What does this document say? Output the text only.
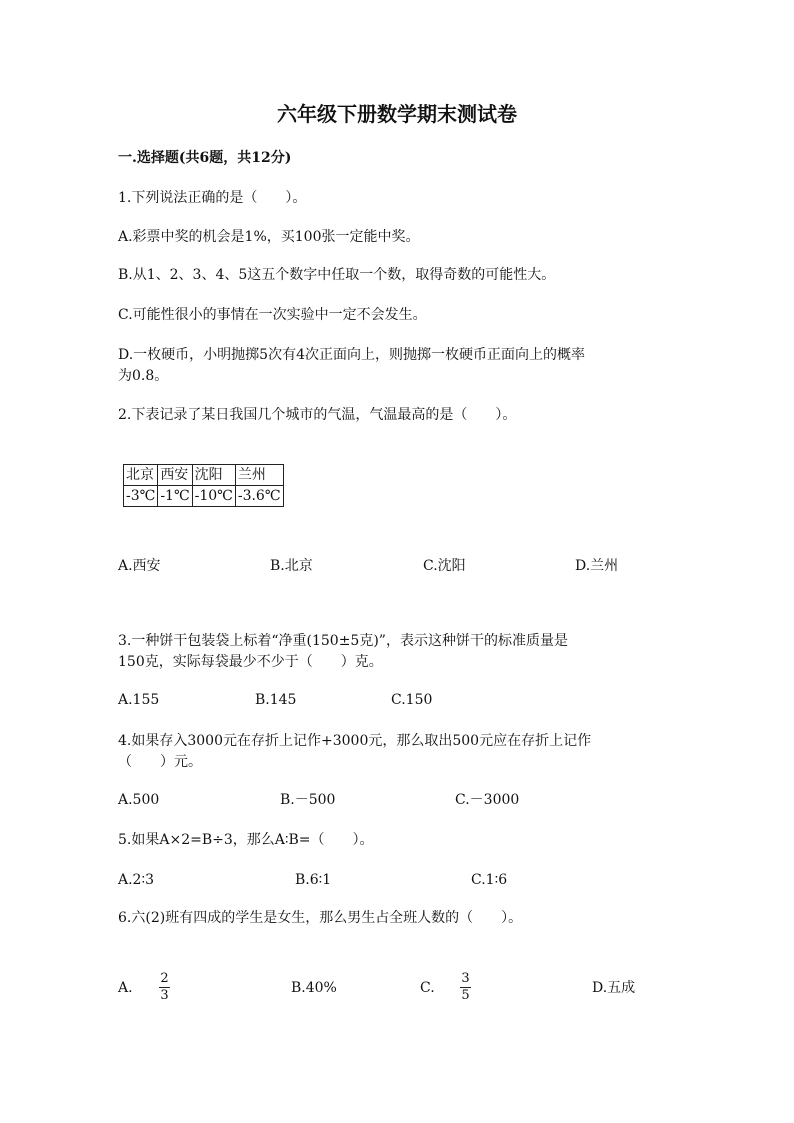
六年级下册数学期末测试卷
一.选择题(共6题，共12分)
1.下列说法正确的是（　　）。
A.彩票中奖的机会是1%，买100张一定能中奖。
B.从1、2、3、4、5这五个数字中任取一个数，取得奇数的可能性大。
C.可能性很小的事情在一次实验中一定不会发生。
D.一枚硬币，小明抛掷5次有4次正面向上，则抛掷一枚硬币正面向上的概率
为0.8。
2.下表记录了某日我国几个城市的气温，气温最高的是（　　）。
北京	西安	沈阳	兰州
-3℃	-1℃	-10℃	-3.6℃
A.西安	B.北京	C.沈阳	D.兰州
3.一种饼干包装袋上标着“净重(150±5克)”，表示这种饼干的标准质量是
150克，实际每袋最少不少于（　　）克。
A.155	B.145	C.150
4.如果存入3000元在存折上记作+3000元，那么取出500元应在存折上记作
（　　）元。
A.500	B.－500	C.－3000
5.如果A×2=B÷3，那么A∶B=（　　）。
A.2∶3	B.6∶1	C.1∶6
6.六(2)班有四成的学生是女生，那么男生占全班人数的（　　）。
A.
2
3	B.40%	C.
3
5	D.五成
